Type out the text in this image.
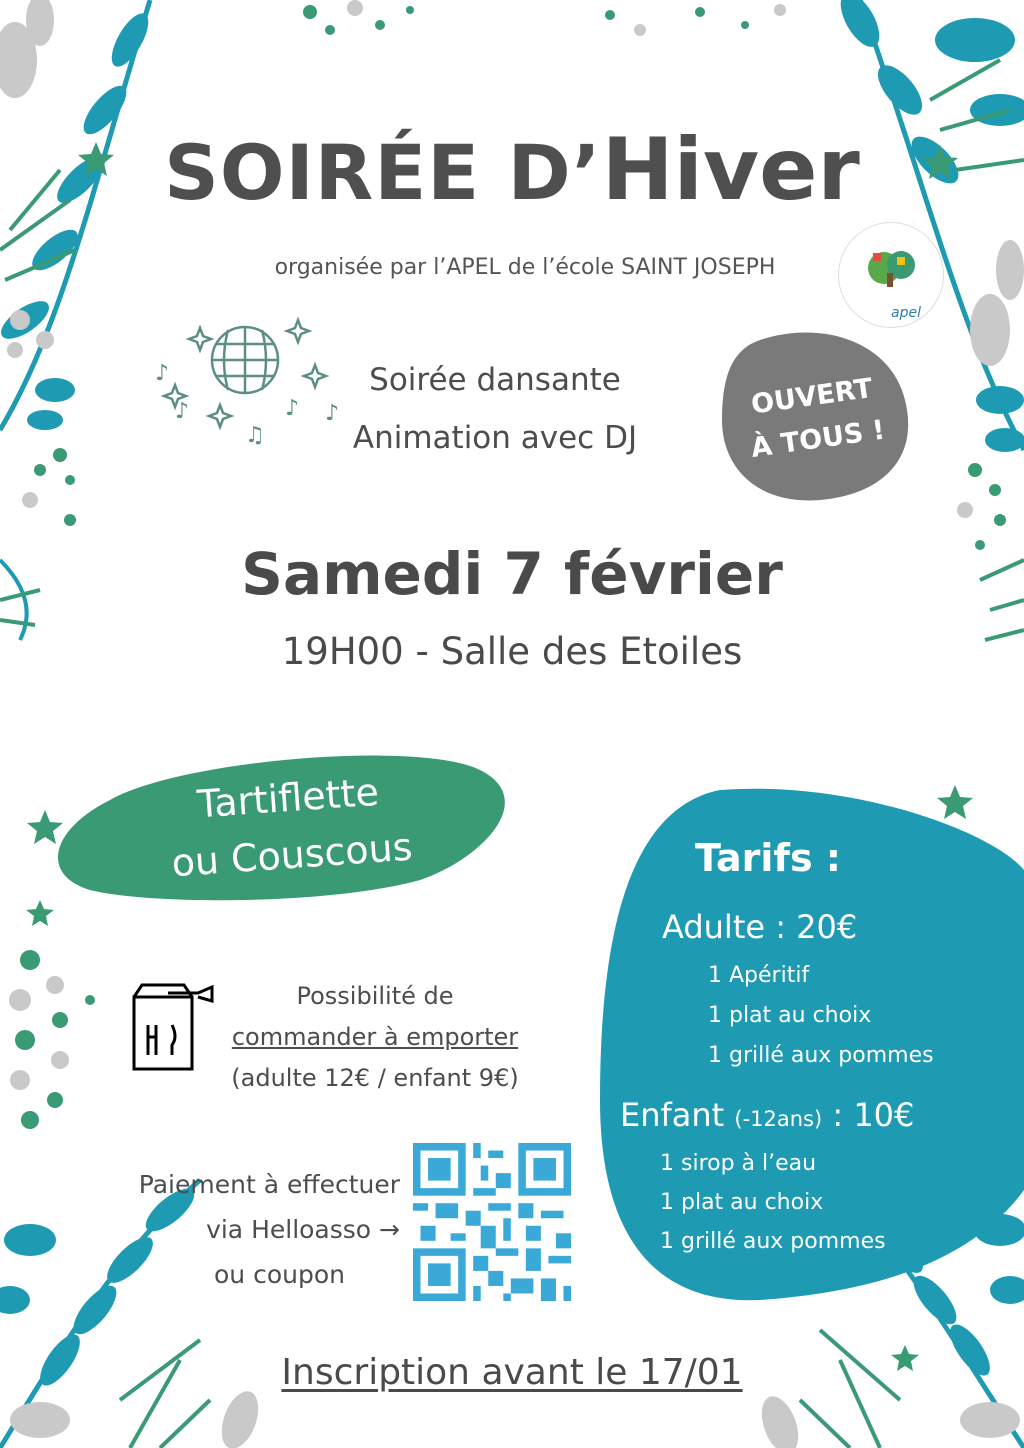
SOIRÉE D’Hiver
organisée par l’APEL de l’école SAINT JOSEPH
apel
♪
♪
♫
♪ ♪
Soirée dansante
Animation avec DJ
OUVERT
À TOUS !
Samedi 7 février
19H00 - Salle des Etoiles
Tartiflette
ou Couscous
Possibilité de
commander à emporter
(adulte 12€ / enfant 9€)
Paiement à effectuer
via Helloasso →
ou coupon
Tarifs :
Adulte : 20€
1 Apéritif
1 plat au choix
1 grillé aux pommes
Enfant (-12ans) : 10€
1 sirop à l’eau
1 plat au choix
1 grillé aux pommes
Inscription avant le 17/01
